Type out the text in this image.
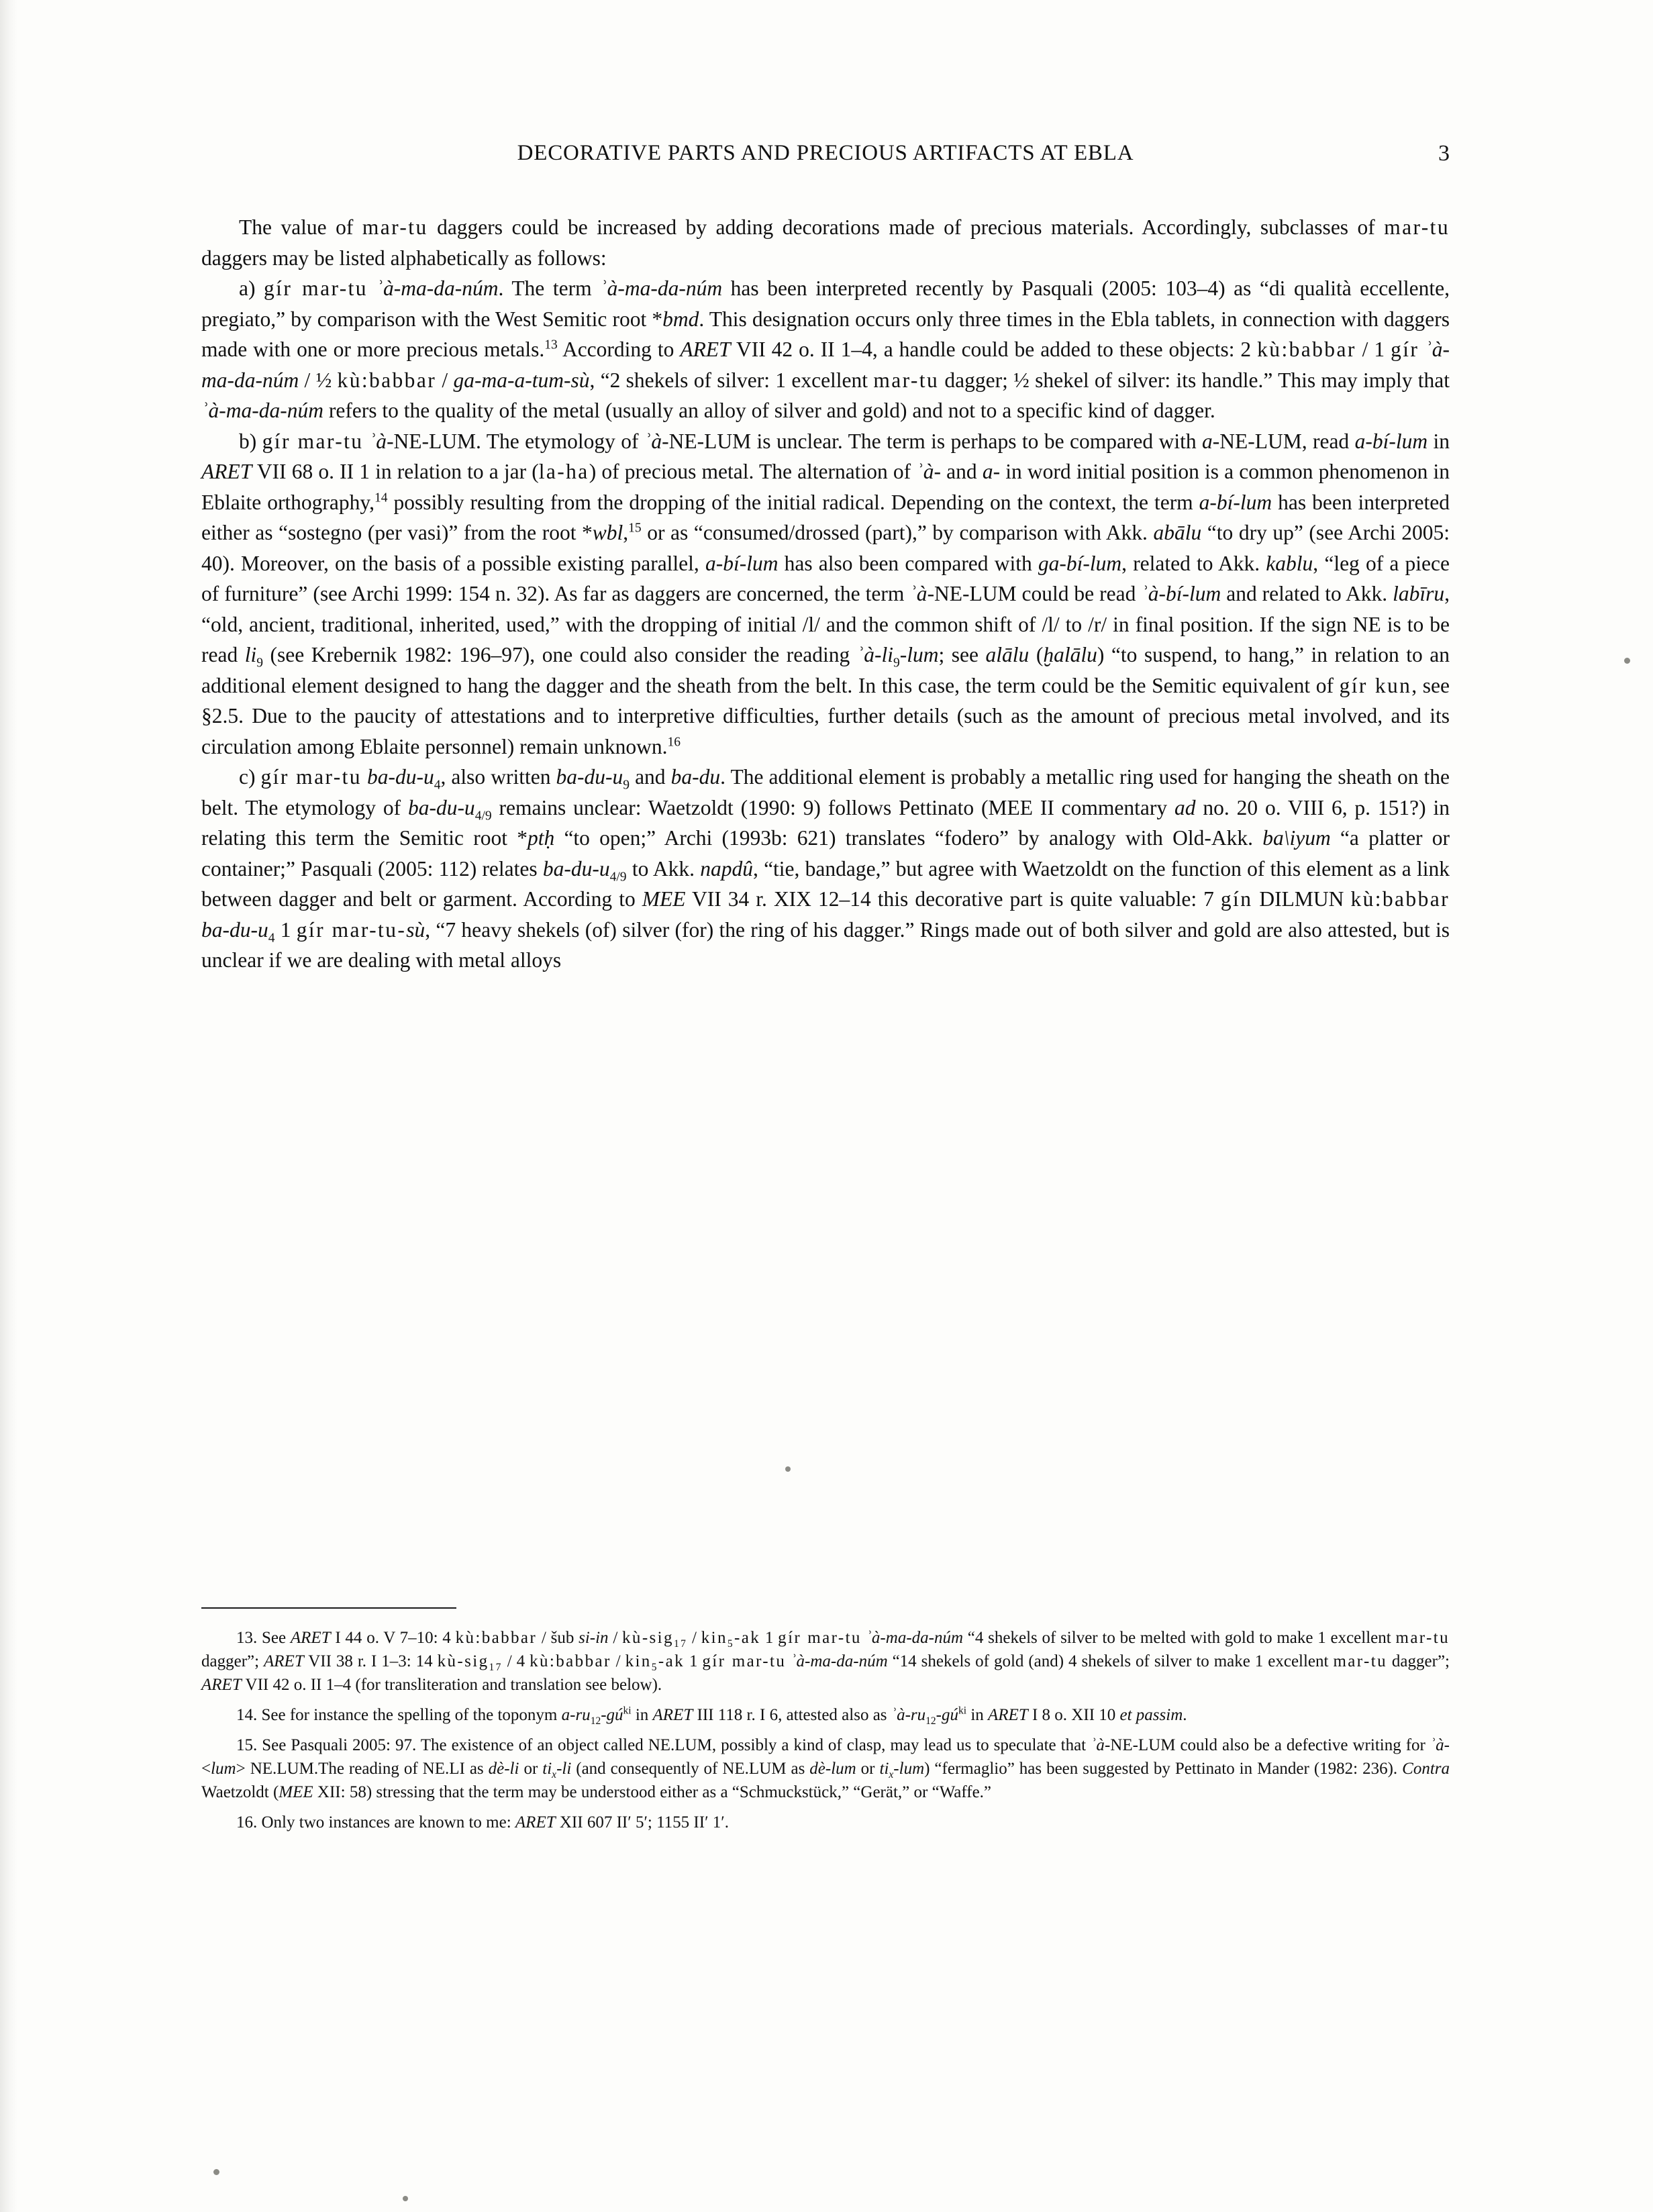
DECORATIVE PARTS AND PRECIOUS ARTIFACTS AT EBLA	3

The value of mar-tu daggers could be increased by adding decorations made of precious materials. Accordingly, subclasses of mar-tu daggers may be listed alphabetically as follows:

a) gír mar-tu ʾà-ma-da-núm. The term ʾà-ma-da-núm has been interpreted recently by Pasquali (2005: 103–4) as “di qualità eccellente, pregiato,” by comparison with the West Semitic root *bmd. This designation occurs only three times in the Ebla tablets, in connection with daggers made with one or more precious metals.$^{13}$ According to ARET VII 42 o. II 1–4, a handle could be added to these objects: 2 kù:babbar / 1 gír ʾà-ma-da-núm / ½ kù:babbar / ga-ma-a-tum-sù, “2 shekels of silver: 1 excellent mar-tu dagger; ½ shekel of silver: its handle.” This may imply that ʾà-ma-da-núm refers to the quality of the metal (usually an alloy of silver and gold) and not to a specific kind of dagger.

b) gír mar-tu ʾà-NE-LUM. The etymology of ʾà-NE-LUM is unclear. The term is perhaps to be compared with a-NE-LUM, read a-bí-lum in ARET VII 68 o. II 1 in relation to a jar (la-ha) of precious metal. The alternation of ʾà- and a- in word initial position is a common phenomenon in Eblaite orthography,$^{14}$ possibly resulting from the dropping of the initial radical. Depending on the context, the term a-bí-lum has been interpreted either as “sostegno (per vasi)” from the root *wbl,$^{15}$ or as “consumed/drossed (part),” by comparison with Akk. abālu “to dry up” (see Archi 2005: 40). Moreover, on the basis of a possible existing parallel, a-bí-lum has also been compared with ga-bí-lum, related to Akk. kablu, “leg of a piece of furniture” (see Archi 1999: 154 n. 32). As far as daggers are concerned, the term ʾà-NE-LUM could be read ʾà-bí-lum and related to Akk. labīru, “old, ancient, traditional, inherited, used,” with the dropping of initial /l/ and the common shift of /l/ to /r/ in final position. If the sign NE is to be read $li_9$ (see Krebernik 1982: 196–97), one could also consider the reading $ʾà-li_9$-lum; see alālu (ḫalālu) “to suspend, to hang,” in relation to an additional element designed to hang the dagger and the sheath from the belt. In this case, the term could be the Semitic equivalent of gír kun, see §2.5. Due to the paucity of attestations and to interpretive difficulties, further details (such as the amount of precious metal involved, and its circulation among Eblaite personnel) remain unknown.$^{16}$

c) gír mar-tu $ba-du-u_4$, also written $ba-du-u_9$ and ba-du. The additional element is probably a metallic ring used for hanging the sheath on the belt. The etymology of $ba-du-u_{4/9}$ remains unclear: Waetzoldt (1990: 9) follows Pettinato (MEE II commentary ad no. 20 o. VIII 6, p. 151?) in relating this term the Semitic root *ptḥ “to open;” Archi (1993b: 621) translates “fodero” by analogy with Old-Akk. ba\iyum “a platter or container;” Pasquali (2005: 112) relates $ba-du-u_{4/9}$ to Akk. napdû, “tie, bandage,” but agree with Waetzoldt on the function of this element as a link between dagger and belt or garment. According to MEE VII 34 r. XIX 12–14 this decorative part is quite valuable: 7 gín DILMUN kù:babbar $ba-du-u_4$ 1 gír mar-tu-sù, “7 heavy shekels (of) silver (for) the ring of his dagger.” Rings made out of both silver and gold are also attested, but is unclear if we are dealing with metal alloys

13. See ARET I 44 o. V 7–10: 4 kù:babbar / šub si-in / kù-sig$_{17}$ / kin$_5$-ak 1 gír mar-tu ʾà-ma-da-núm “4 shekels of silver to be melted with gold to make 1 excellent mar-tu dagger”; ARET VII 38 r. I 1–3: 14 kù-sig$_{17}$ / 4 kù:babbar / kin$_5$-ak 1 gír mar-tu ʾà-ma-da-núm “14 shekels of gold (and) 4 shekels of silver to make 1 excellent mar-tu dagger”; ARET VII 42 o. II 1–4 (for transliteration and translation see below).

14. See for instance the spelling of the toponym $a-ru_{12}-gú^{ki}$ in ARET III 118 r. I 6, attested also as $ʾà-ru_{12}-gú^{ki}$ in ARET I 8 o. XII 10 et passim.

15. See Pasquali 2005: 97. The existence of an object called NE.LUM, possibly a kind of clasp, may lead us to speculate that ʾà-NE-LUM could also be a defective writing for ʾà-<lum> NE.LUM.The reading of NE.LI as dè-li or $ti_x-li$ (and consequently of NE.LUM as dè-lum or $ti_x-lum$) “fermaglio” has been suggested by Pettinato in Mander (1982: 236). Contra Waetzoldt (MEE XII: 58) stressing that the term may be understood either as a “Schmuckstück,” “Gerät,” or “Waffe.”

16. Only two instances are known to me: ARET XII 607 II′ 5′; 1155 II′ 1′.
